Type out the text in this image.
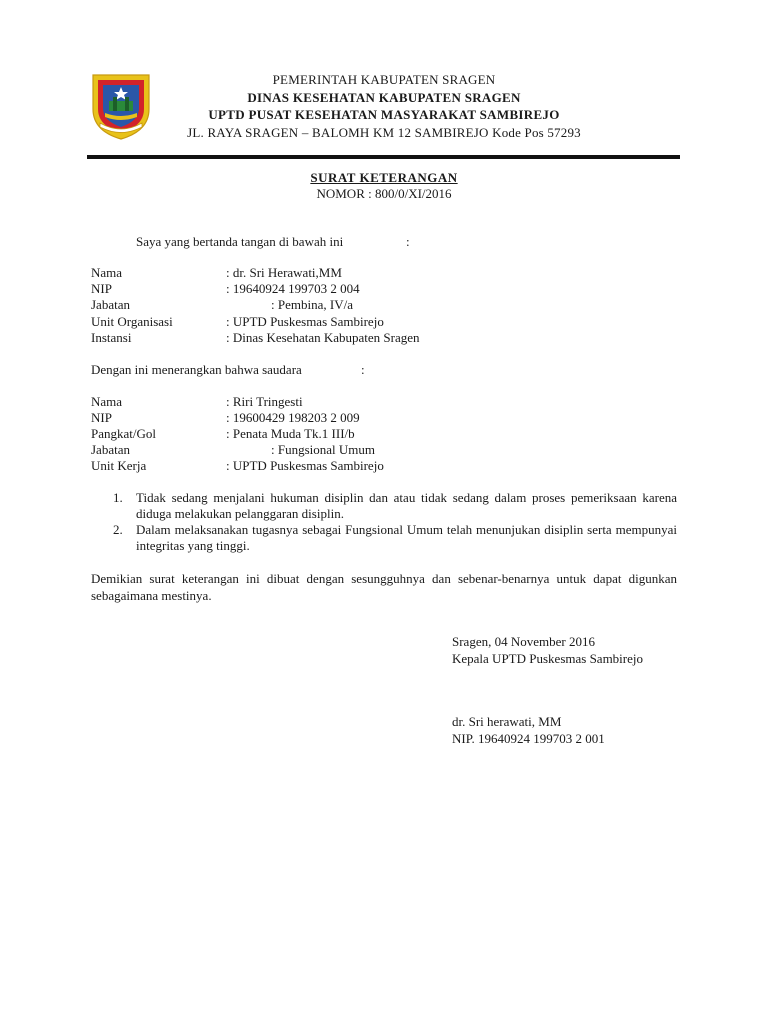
PEMERINTAH KABUPATEN SRAGEN
DINAS KESEHATAN KABUPATEN SRAGEN
UPTD PUSAT KESEHATAN MASYARAKAT SAMBIREJO
JL. RAYA SRAGEN – BALOMH KM 12 SAMBIREJO Kode Pos 57293
SURAT KETERANGAN
NOMOR : 800/0/XI/2016
Saya yang bertanda tangan di bawah ini	:
Nama	: dr. Sri Herawati,MM
NIP	: 19640924 199703 2 004
Jabatan	: Pembina, IV/a
Unit Organisasi	: UPTD Puskesmas Sambirejo
Instansi	: Dinas Kesehatan Kabupaten Sragen
Dengan ini menerangkan bahwa saudara	:
Nama	: Riri Tringesti
NIP	: 19600429 198203 2 009
Pangkat/Gol	: Penata Muda Tk.1 III/b
Jabatan	: Fungsional Umum
Unit Kerja	: UPTD Puskesmas Sambirejo
1. Tidak sedang menjalani hukuman disiplin dan atau tidak sedang dalam proses pemeriksaan karena diduga melakukan pelanggaran disiplin.
2. Dalam melaksanakan tugasnya sebagai Fungsional Umum telah menunjukan disiplin serta mempunyai integritas yang tinggi.
Demikian surat keterangan ini dibuat dengan sesungguhnya dan sebenar-benarnya untuk dapat digunkan sebagaimana mestinya.
Sragen, 04 November 2016
Kepala UPTD Puskesmas Sambirejo
dr. Sri herawati, MM
NIP. 19640924 199703 2 001
